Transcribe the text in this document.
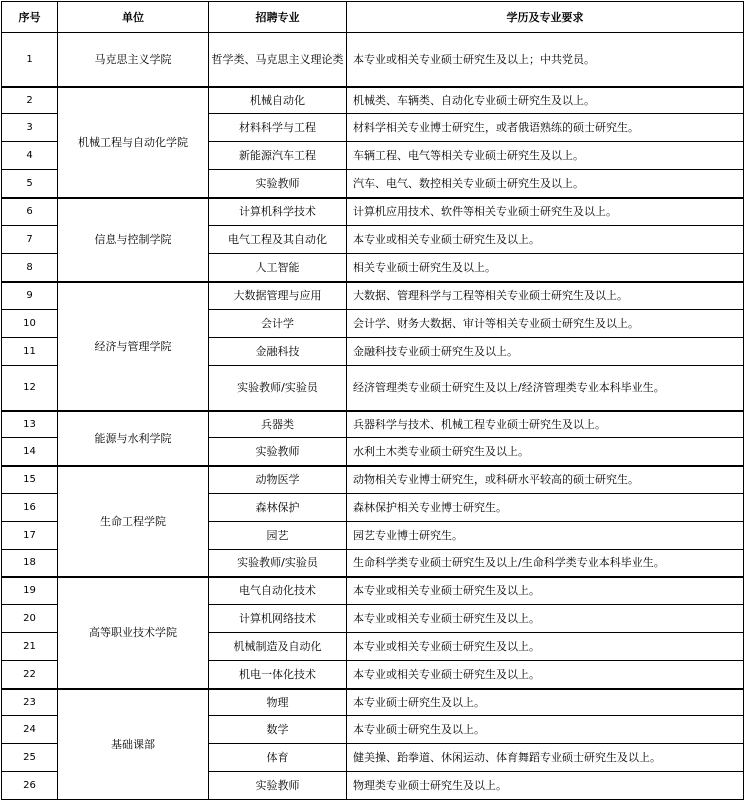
序号	单位	招聘专业	学历及专业要求
1	马克思主义学院	哲学类、马克思主义理论类	本专业或相关专业硕士研究生及以上；中共党员。
2	机械工程与自动化学院	机械自动化	机械类、车辆类、自动化专业硕士研究生及以上。
3		材料科学与工程	材料学相关专业博士研究生，或者俄语熟练的硕士研究生。
4		新能源汽车工程	车辆工程、电气等相关专业硕士研究生及以上。
5		实验教师	汽车、电气、数控相关专业硕士研究生及以上。
6	信息与控制学院	计算机科学技术	计算机应用技术、软件等相关专业硕士研究生及以上。
7		电气工程及其自动化	本专业或相关专业硕士研究生及以上。
8		人工智能	相关专业硕士研究生及以上。
9	经济与管理学院	大数据管理与应用	大数据、管理科学与工程等相关专业硕士研究生及以上。
10		会计学	会计学、财务大数据、审计等相关专业硕士研究生及以上。
11		金融科技	金融科技专业硕士研究生及以上。
12		实验教师/实验员	经济管理类专业硕士研究生及以上/经济管理类专业本科毕业生。
13	能源与水利学院	兵器类	兵器科学与技术、机械工程专业硕士研究生及以上。
14		实验教师	水利土木类专业硕士研究生及以上。
15	生命工程学院	动物医学	动物相关专业博士研究生，或科研水平较高的硕士研究生。
16		森林保护	森林保护相关专业博士研究生。
17		园艺	园艺专业博士研究生。
18		实验教师/实验员	生命科学类专业硕士研究生及以上/生命科学类专业本科毕业生。
19	高等职业技术学院	电气自动化技术	本专业或相关专业硕士研究生及以上。
20		计算机网络技术	本专业或相关专业硕士研究生及以上。
21		机械制造及自动化	本专业或相关专业硕士研究生及以上。
22		机电一体化技术	本专业或相关专业硕士研究生及以上。
23	基础课部	物理	本专业硕士研究生及以上。
24		数学	本专业硕士研究生及以上。
25		体育	健美操、跆拳道、休闲运动、体育舞蹈专业硕士研究生及以上。
26		实验教师	物理类专业硕士研究生及以上。
